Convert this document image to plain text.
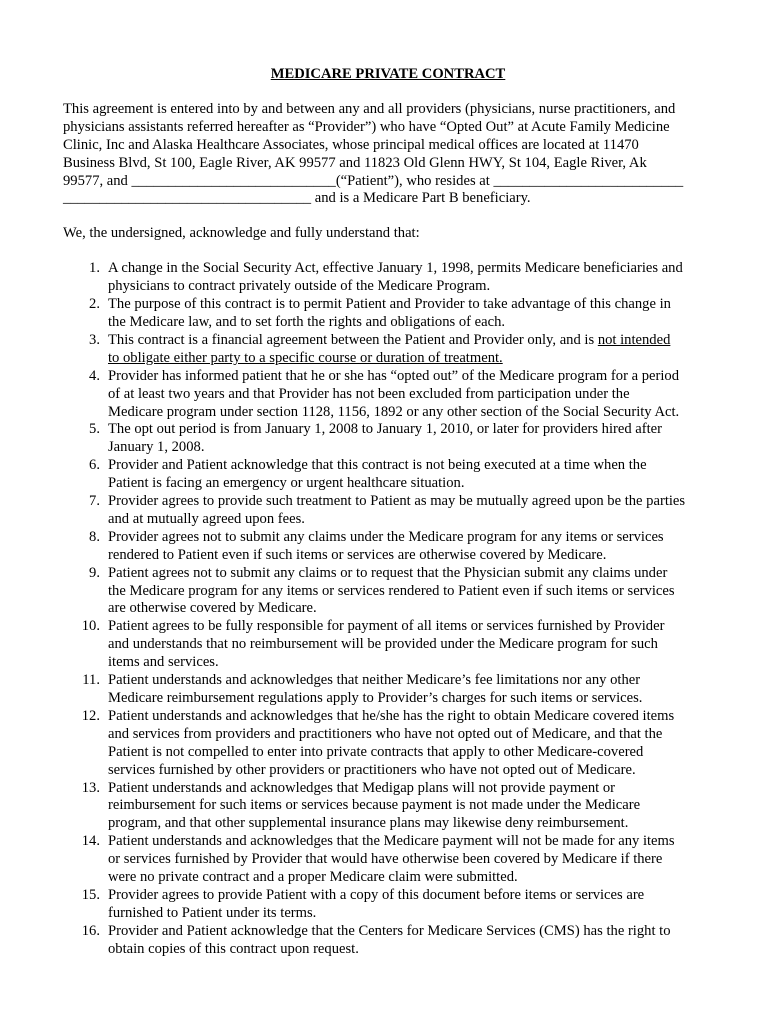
MEDICARE PRIVATE CONTRACT

This agreement is entered into by and between any and all providers (physicians, nurse practitioners, and

physicians assistants referred hereafter as “Provider”) who have “Opted Out” at Acute Family Medicine

Clinic, Inc and Alaska Healthcare Associates, whose principal medical offices are located at 11470

Business Blvd, St 100, Eagle River, AK 99577 and 11823 Old Glenn HWY, St 104, Eagle River, Ak

99577, and ____________________________(“Patient”), who resides at __________________________

__________________________________ and is a Medicare Part B beneficiary.

We, the undersigned, acknowledge and fully understand that:

1. A change in the Social Security Act, effective January 1, 1998, permits Medicare beneficiaries and
physicians to contract privately outside of the Medicare Program.
2. The purpose of this contract is to permit Patient and Provider to take advantage of this change in
the Medicare law, and to set forth the rights and obligations of each.
3. This contract is a financial agreement between the Patient and Provider only, and is not intended
to obligate either party to a specific course or duration of treatment.
4. Provider has informed patient that he or she has “opted out” of the Medicare program for a period
of at least two years and that Provider has not been excluded from participation under the
Medicare program under section 1128, 1156, 1892 or any other section of the Social Security Act.
5. The opt out period is from January 1, 2008 to January 1, 2010, or later for providers hired after
January 1, 2008.
6. Provider and Patient acknowledge that this contract is not being executed at a time when the
Patient is facing an emergency or urgent healthcare situation.
7. Provider agrees to provide such treatment to Patient as may be mutually agreed upon be the parties
and at mutually agreed upon fees.
8. Provider agrees not to submit any claims under the Medicare program for any items or services
rendered to Patient even if such items or services are otherwise covered by Medicare.
9. Patient agrees not to submit any claims or to request that the Physician submit any claims under
the Medicare program for any items or services rendered to Patient even if such items or services
are otherwise covered by Medicare.
10. Patient agrees to be fully responsible for payment of all items or services furnished by Provider
and understands that no reimbursement will be provided under the Medicare program for such
items and services.
11. Patient understands and acknowledges that neither Medicare’s fee limitations nor any other
Medicare reimbursement regulations apply to Provider’s charges for such items or services.
12. Patient understands and acknowledges that he/she has the right to obtain Medicare covered items
and services from providers and practitioners who have not opted out of Medicare, and that the
Patient is not compelled to enter into private contracts that apply to other Medicare-covered
services furnished by other providers or practitioners who have not opted out of Medicare.
13. Patient understands and acknowledges that Medigap plans will not provide payment or
reimbursement for such items or services because payment is not made under the Medicare
program, and that other supplemental insurance plans may likewise deny reimbursement.
14. Patient understands and acknowledges that the Medicare payment will not be made for any items
or services furnished by Provider that would have otherwise been covered by Medicare if there
were no private contract and a proper Medicare claim were submitted.
15. Provider agrees to provide Patient with a copy of this document before items or services are
furnished to Patient under its terms.
16. Provider and Patient acknowledge that the Centers for Medicare Services (CMS) has the right to
obtain copies of this contract upon request.
